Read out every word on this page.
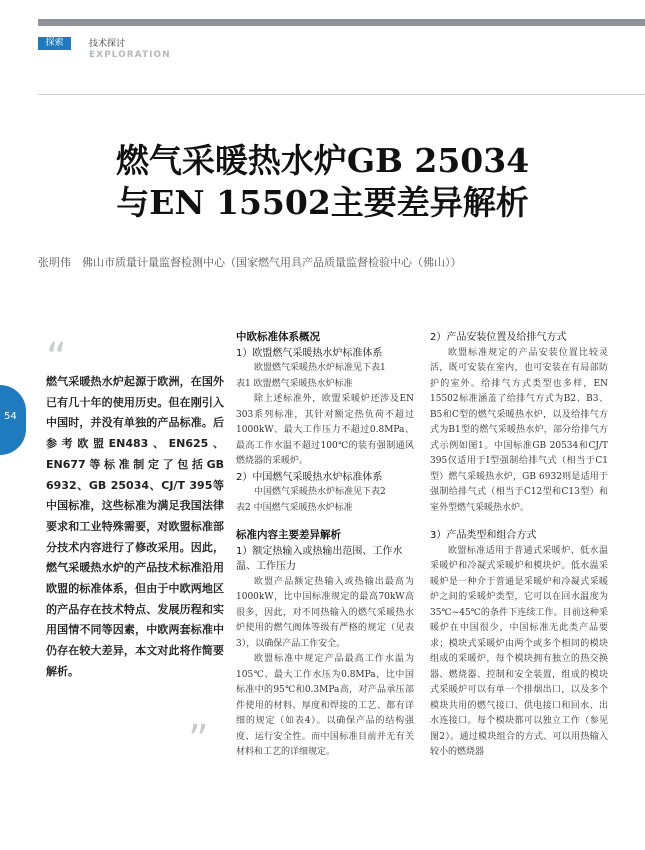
探索	技术探讨
EXPLORATION
燃气采暖热水炉GB 25034
与EN 15502主要差异解析
张明伟　佛山市质量计量监督检测中心（国家燃气用具产品质量监督检验中心（佛山））
“

燃气采暖热水炉起源于欧洲，在国外已有几十年的使用历史。但在刚引入中国时，并没有单独的产品标准。后参考欧盟EN483、EN625、EN677等标准制定了包括GB 6932、GB 25034、CJ/T 395等中国标准，这些标准为满足我国法律要求和工业特殊需要，对欧盟标准部分技术内容进行了修改采用。因此，燃气采暖热水炉的产品技术标准沿用欧盟的标准体系，但由于中欧两地区的产品存在技术特点、发展历程和实用国情不同等因素，中欧两套标准中仍存在较大差异，本文对此将作简要解析。

”
54
中欧标准体系概况
1）欧盟燃气采暖热水炉标准体系

欧盟燃气采暖热水炉标准见下表1

表1 欧盟燃气采暖热水炉标准

除上述标准外，欧盟采暖炉还涉及EN 303系列标准，其针对额定热负荷不超过1000kW、最大工作压力不超过0.8MPa、最高工作水温不超过100℃的装有强制通风燃烧器的采暖炉。

2）中国燃气采暖热水炉标准体系

中国燃气采暖热水炉标准见下表2

表2 中国燃气采暖热水炉标准

标准内容主要差异解析
1）额定热输入或热输出范围、工作水温、工作压力

欧盟产品额定热输入或热输出最高为1000kW，比中国标准规定的最高70kW高很多，因此，对不同热输入的燃气采暖热水炉使用的燃气阀体等级有严格的规定（见表3），以确保产品工作安全。

欧盟标准中规定产品最高工作水温为105℃、最大工作水压为0.8MPa，比中国标准中的95℃和0.3MPa高，对产品承压部件使用的材料、厚度和焊接的工艺、都有详细的规定（如表4）。以确保产品的结构强度、运行安全性。而中国标准目前并无有关材料和工艺的详细规定。

2）产品安装位置及给排气方式

欧盟标准规定的产品安装位置比较灵活，既可安装在室内，也可安装在有局部防护的室外。给排气方式类型也多样，EN 15502标准涵盖了给排气方式为B2、B3、B5和C型的燃气采暖热水炉，以及给排气方式为B1型的燃气采暖热水炉，部分给排气方式示例如图1。中国标准GB 20534和CJ/T 395仅适用于I型强制给排气式（相当于C1型）燃气采暖热水炉，GB 6932则是适用于强制给排气式（相当于C12型和C13型）和室外型燃气采暖热水炉。

3）产品类型和组合方式

欧盟标准适用于普通式采暖炉、低水温采暖炉和冷凝式采暖炉和模块炉。低水温采暖炉是一种介于普通是采暖炉和冷凝式采暖炉之间的采暖炉类型，它可以在回水温度为35℃~45℃的条件下连续工作。目前这种采暖炉在中国很少，中国标准无此类产品要求；模块式采暖炉由两个或多个相同的模块组成的采暖炉，每个模块拥有独立的热交换器、燃烧器、控制和安全装置，组成的模块式采暖炉可以有单一个排烟出口，以及多个模块共用的燃气接口、供电接口和回水、出水连接口。每个模块都可以独立工作（参见图2）。通过模块组合的方式、可以用热输入较小的燃烧器
